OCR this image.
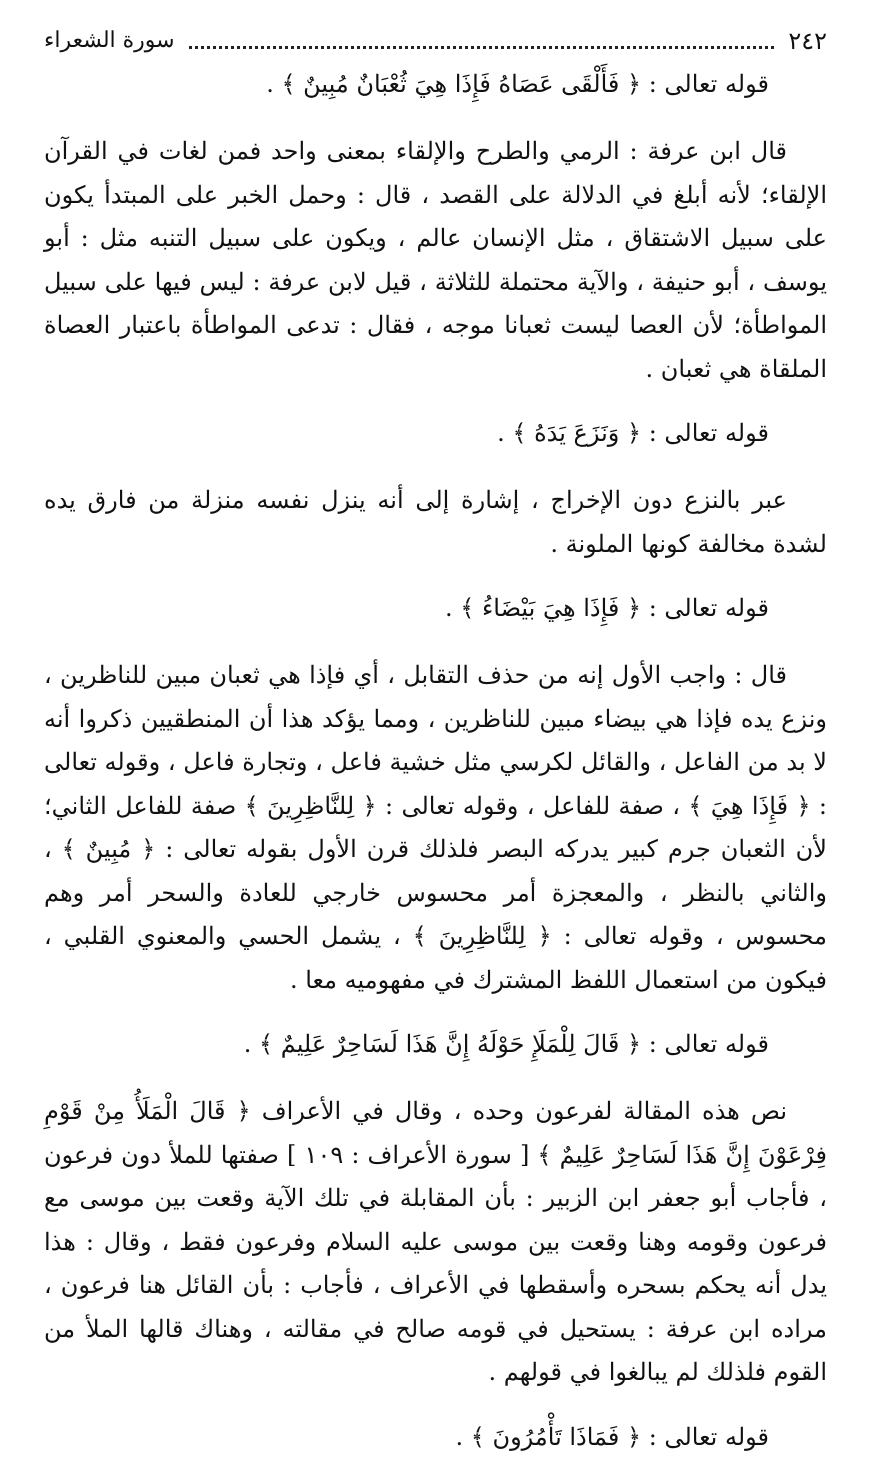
٢٤٢
سورة الشعراء
قوله تعالى : ﴿ فَأَلْقَى عَصَاهُ فَإِذَا هِيَ ثُعْبَانٌ مُبِينٌ ﴾ .
قال ابن عرفة : الرمي والطرح والإلقاء بمعنى واحد فمن لغات في القرآن الإلقاء؛ لأنه أبلغ في الدلالة على القصد ، قال : وحمل الخبر على المبتدأ يكون على سبيل الاشتقاق ، مثل الإنسان عالم ، ويكون على سبيل التنبه مثل : أبو يوسف ، أبو حنيفة ، والآية محتملة للثلاثة ، قيل لابن عرفة : ليس فيها على سبيل المواطأة؛ لأن العصا ليست ثعبانا موجه ، فقال : تدعى المواطأة باعتبار العصاة الملقاة هي ثعبان .
قوله تعالى : ﴿ وَنَزَعَ يَدَهُ ﴾ .
عبر بالنزع دون الإخراج ، إشارة إلى أنه ينزل نفسه منزلة من فارق يده لشدة مخالفة كونها الملونة .
قوله تعالى : ﴿ فَإِذَا هِيَ بَيْضَاءُ ﴾ .
قال : واجب الأول إنه من حذف التقابل ، أي فإذا هي ثعبان مبين للناظرين ، ونزع يده فإذا هي بيضاء مبين للناظرين ، ومما يؤكد هذا أن المنطقيين ذكروا أنه لا بد من الفاعل ، والقائل لكرسي مثل خشية فاعل ، وتجارة فاعل ، وقوله تعالى : ﴿ فَإِذَا هِيَ ﴾ ، صفة للفاعل ، وقوله تعالى : ﴿ لِلنَّاظِرِينَ ﴾ صفة للفاعل الثاني؛ لأن الثعبان جرم كبير يدركه البصر فلذلك قرن الأول بقوله تعالى : ﴿ مُبِينٌ ﴾ ، والثاني بالنظر ، والمعجزة أمر محسوس خارجي للعادة والسحر أمر وهم محسوس ، وقوله تعالى : ﴿ لِلنَّاظِرِينَ ﴾ ، يشمل الحسي والمعنوي القلبي ، فيكون من استعمال اللفظ المشترك في مفهوميه معا .
قوله تعالى : ﴿ قَالَ لِلْمَلَإِ حَوْلَهُ إِنَّ هَذَا لَسَاحِرٌ عَلِيمٌ ﴾ .
نص هذه المقالة لفرعون وحده ، وقال في الأعراف ﴿ قَالَ الْمَلَأُ مِنْ قَوْمِ فِرْعَوْنَ إِنَّ هَذَا لَسَاحِرٌ عَلِيمٌ ﴾ [ سورة الأعراف : ١٠٩ ] صفتها للملأ دون فرعون ، فأجاب أبو جعفر ابن الزبير : بأن المقابلة في تلك الآية وقعت بين موسى مع فرعون وقومه وهنا وقعت بين موسى عليه السلام وفرعون فقط ، وقال : هذا يدل أنه يحكم بسحره وأسقطها في الأعراف ، فأجاب : بأن القائل هنا فرعون ، مراده ابن عرفة : يستحيل في قومه صالح في مقالته ، وهناك قالها الملأ من القوم فلذلك لم يبالغوا في قولهم .
قوله تعالى : ﴿ فَمَاذَا تَأْمُرُونَ ﴾ .
